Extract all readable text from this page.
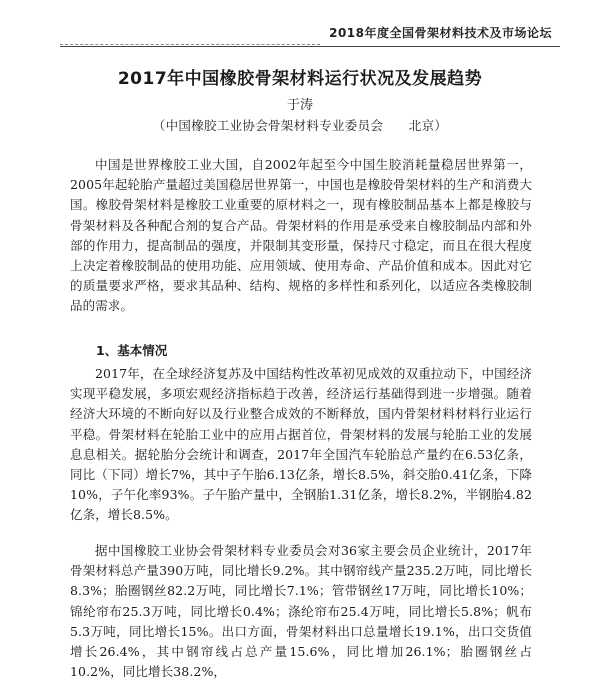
2018年度全国骨架材料技术及市场论坛
2017年中国橡胶骨架材料运行状况及发展趋势
于涛
（中国橡胶工业协会骨架材料专业委员会　　北京）

中国是世界橡胶工业大国，自2002年起至今中国生胶消耗量稳居世界第一，2005年起轮胎产量超过美国稳居世界第一，中国也是橡胶骨架材料的生产和消费大国。橡胶骨架材料是橡胶工业重要的原材料之一，现有橡胶制品基本上都是橡胶与骨架材料及各种配合剂的复合产品。骨架材料的作用是承受来自橡胶制品内部和外部的作用力，提高制品的强度，并限制其变形量，保持尺寸稳定，而且在很大程度上决定着橡胶制品的使用功能、应用领域、使用寿命、产品价值和成本。因此对它的质量要求严格，要求其品种、结构、规格的多样性和系列化，以适应各类橡胶制品的需求。

1、基本情况

2017年，在全球经济复苏及中国结构性改革初见成效的双重拉动下，中国经济实现平稳发展，多项宏观经济指标趋于改善，经济运行基础得到进一步增强。随着经济大环境的不断向好以及行业整合成效的不断释放，国内骨架材料材料行业运行平稳。骨架材料在轮胎工业中的应用占据首位，骨架材料的发展与轮胎工业的发展息息相关。据轮胎分会统计和调查，2017年全国汽车轮胎总产量约在6.53亿条，同比（下同）增长7%，其中子午胎6.13亿条，增长8.5%，斜交胎0.41亿条，下降10%，子午化率93%。子午胎产量中，全钢胎1.31亿条，增长8.2%，半钢胎4.82亿条，增长8.5%。

据中国橡胶工业协会骨架材料专业委员会对36家主要会员企业统计，2017年骨架材料总产量390万吨，同比增长9.2%。其中钢帘线产量235.2万吨，同比增长8.3%；胎圈钢丝82.2万吨，同比增长7.1%；管带钢丝17万吨，同比增长10%；锦纶帘布25.3万吨，同比增长0.4%；涤纶帘布25.4万吨，同比增长5.8%；帆布5.3万吨，同比增长15%。出口方面，骨架材料出口总量增长19.1%，出口交货值增长26.4%，其中钢帘线占总产量15.6%，同比增加26.1%；胎圈钢丝占10.2%，同比增长38.2%，
